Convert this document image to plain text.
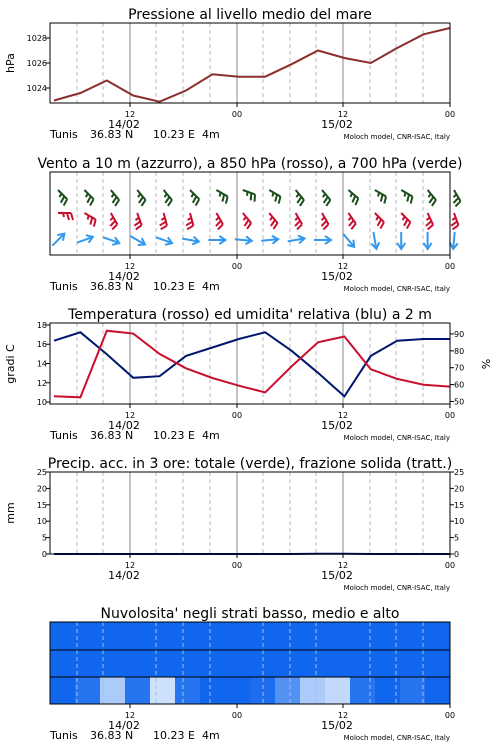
Pressione al livello medio del mare
1024
1026
1028
hPa
12	00	12	00
14/02	15/02
Tunis 36.83 N 10.23 E 4m	Moloch model, CNR-ISAC, Italy
Vento a 10 m (azzurro), a 850 hPa (rosso), a 700 hPa (verde)
12	00	12	00
14/02	15/02
Tunis 36.83 N 10.23 E 4m	Moloch model, CNR-ISAC, Italy
Temperatura (rosso) ed umidita' relativa (blu) a 2 m
10
12
14
16
18
50
60
70
80
90
gradi C	%
12	00	12	00
14/02	15/02
Tunis 36.83 N 10.23 E 4m	Moloch model, CNR-ISAC, Italy
Precip. acc. in 3 ore: totale (verde), frazione solida (tratt.)
0	0
5	5
10	10
15	15
20	20
25	25
mm
12	00	12	00
14/02	15/02
Moloch model, CNR-ISAC, Italy
Nuvolosita' negli strati basso, medio e alto
12	00	12	00
14/02	15/02
Tunis 36.83 N 10.23 E 4m	Moloch model, CNR-ISAC, Italy
